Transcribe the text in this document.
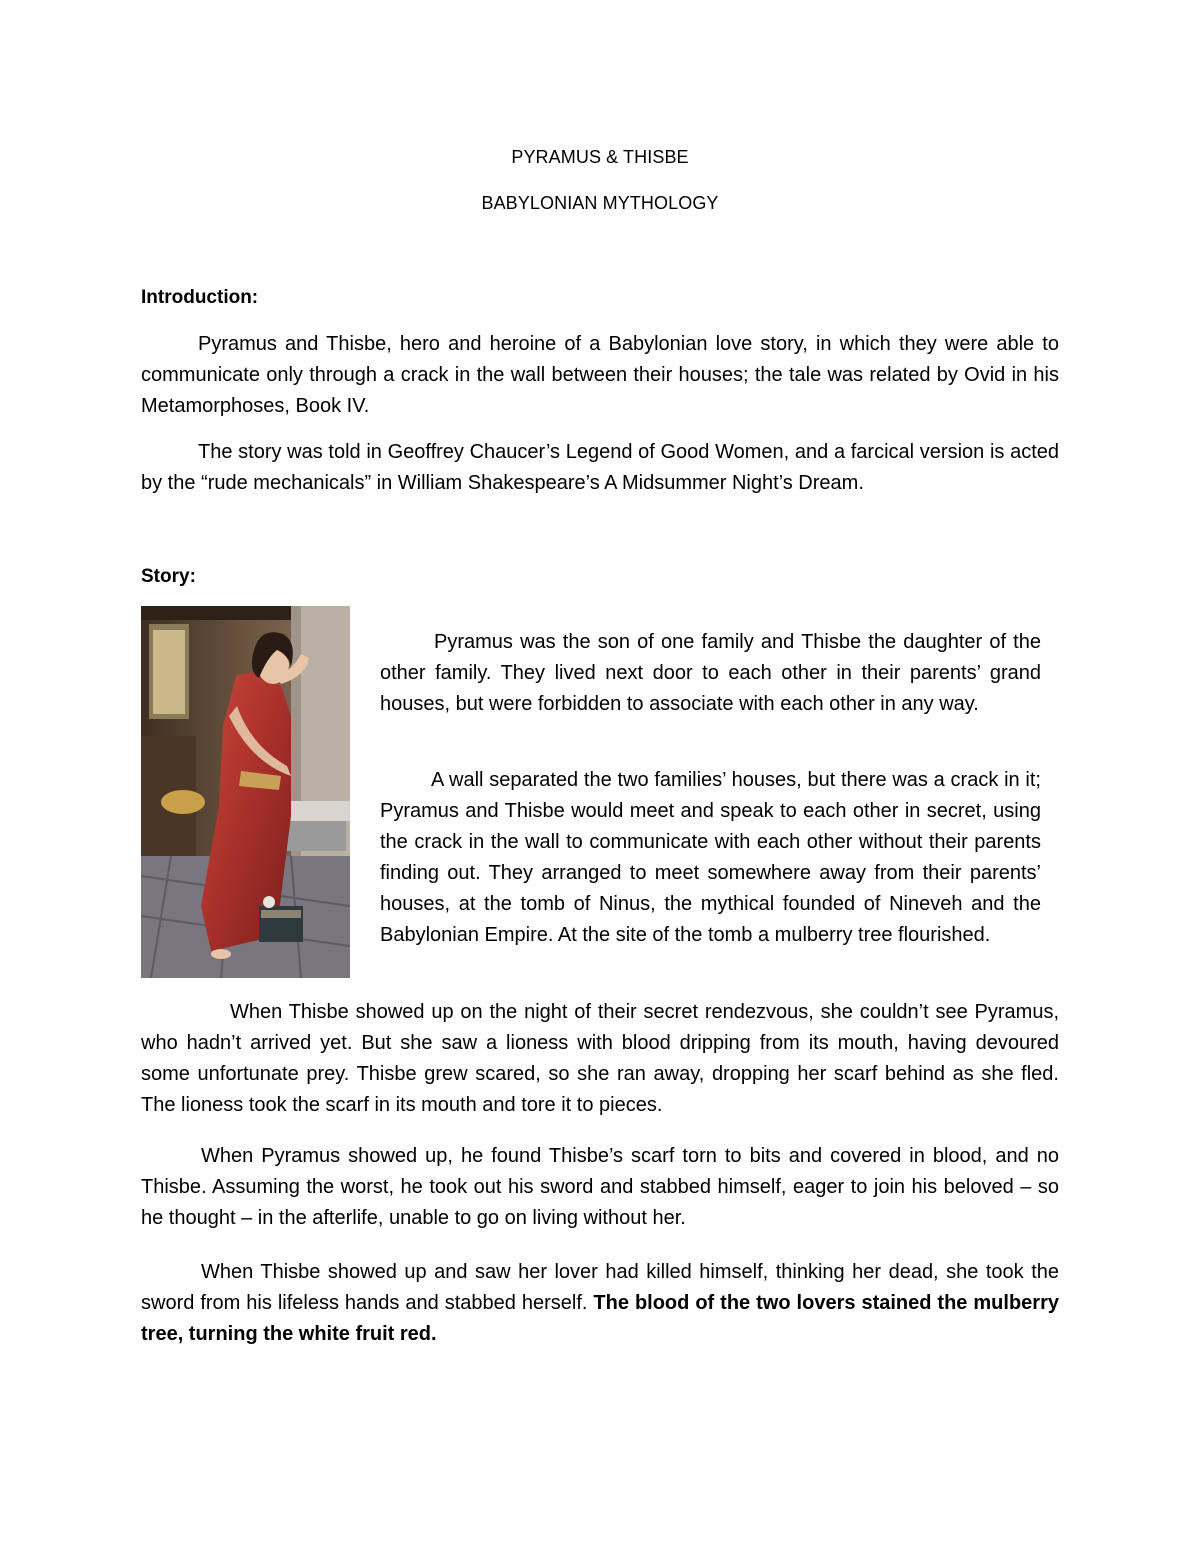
PYRAMUS & THISBE
BABYLONIAN MYTHOLOGY
Introduction:

Pyramus and Thisbe, hero and heroine of a Babylonian love story, in which they were able to communicate only through a crack in the wall between their houses; the tale was related by Ovid in his Metamorphoses, Book IV.

The story was told in Geoffrey Chaucer’s Legend of Good Women, and a farcical version is acted by the “rude mechanicals” in William Shakespeare’s A Midsummer Night’s Dream.

Story:

Pyramus was the son of one family and Thisbe the daughter of the other family. They lived next door to each other in their parents’ grand houses, but were forbidden to associate with each other in any way.

A wall separated the two families’ houses, but there was a crack in it; Pyramus and Thisbe would meet and speak to each other in secret, using the crack in the wall to communicate with each other without their parents finding out. They arranged to meet somewhere away from their parents’ houses, at the tomb of Ninus, the mythical founded of Nineveh and the Babylonian Empire. At the site of the tomb a mulberry tree flourished.

When Thisbe showed up on the night of their secret rendezvous, she couldn’t see Pyramus, who hadn’t arrived yet. But she saw a lioness with blood dripping from its mouth, having devoured some unfortunate prey. Thisbe grew scared, so she ran away, dropping her scarf behind as she fled. The lioness took the scarf in its mouth and tore it to pieces.

When Pyramus showed up, he found Thisbe’s scarf torn to bits and covered in blood, and no Thisbe. Assuming the worst, he took out his sword and stabbed himself, eager to join his beloved – so he thought – in the afterlife, unable to go on living without her.

When Thisbe showed up and saw her lover had killed himself, thinking her dead, she took the sword from his lifeless hands and stabbed herself. The blood of the two lovers stained the mulberry tree, turning the white fruit red.
